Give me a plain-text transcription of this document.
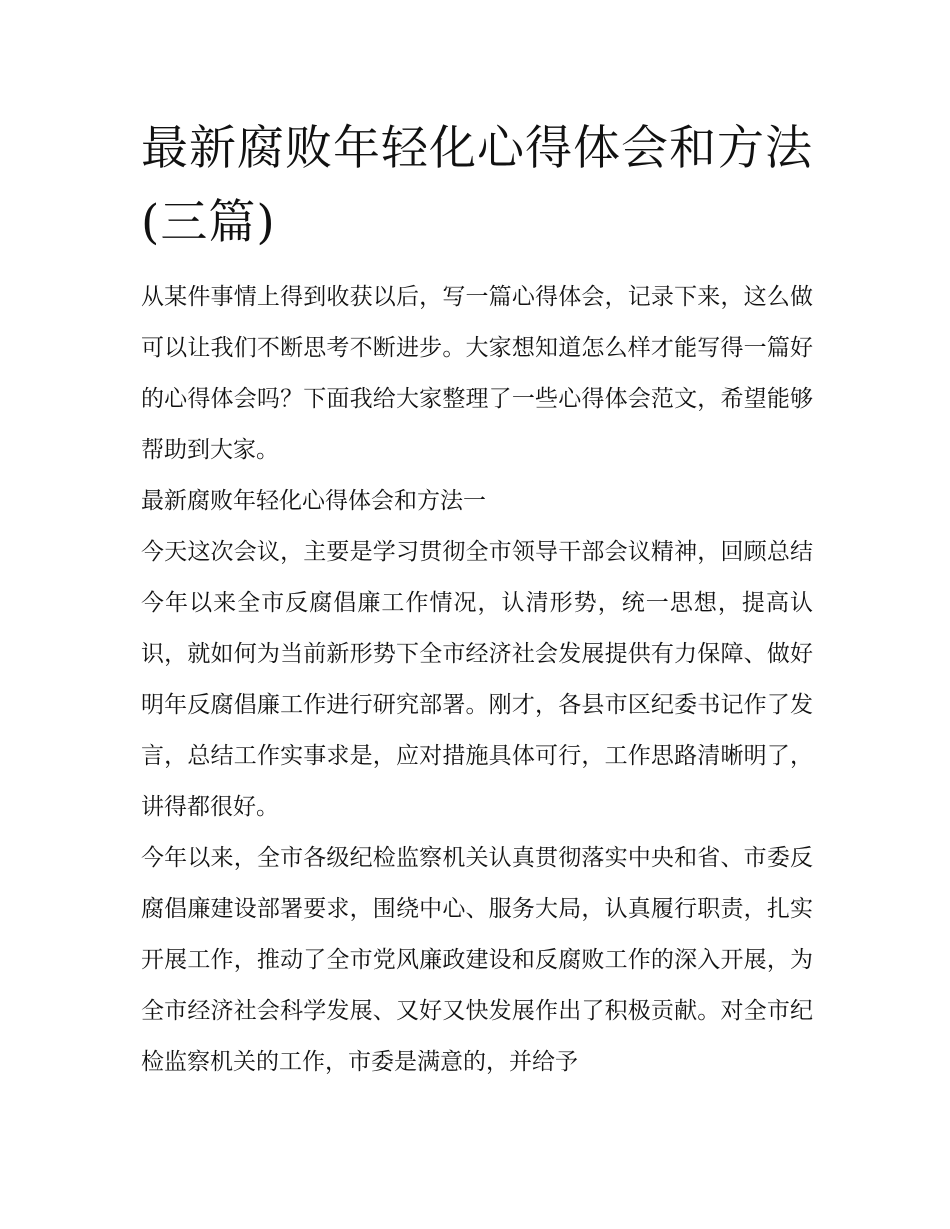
最新腐败年轻化心得体会和方法(三篇)

从某件事情上得到收获以后，写一篇心得体会，记录下来，这么做可以让我们不断思考不断进步。大家想知道怎么样才能写得一篇好的心得体会吗？下面我给大家整理了一些心得体会范文，希望能够帮助到大家。

最新腐败年轻化心得体会和方法一

今天这次会议，主要是学习贯彻全市领导干部会议精神，回顾总结今年以来全市反腐倡廉工作情况，认清形势，统一思想，提高认识，就如何为当前新形势下全市经济社会发展提供有力保障、做好明年反腐倡廉工作进行研究部署。刚才，各县市区纪委书记作了发言，总结工作实事求是，应对措施具体可行，工作思路清晰明了，讲得都很好。

今年以来，全市各级纪检监察机关认真贯彻落实中央和省、市委反腐倡廉建设部署要求，围绕中心、服务大局，认真履行职责，扎实开展工作，推动了全市党风廉政建设和反腐败工作的深入开展，为全市经济社会科学发展、又好又快发展作出了积极贡献。对全市纪检监察机关的工作，市委是满意的，并给予
